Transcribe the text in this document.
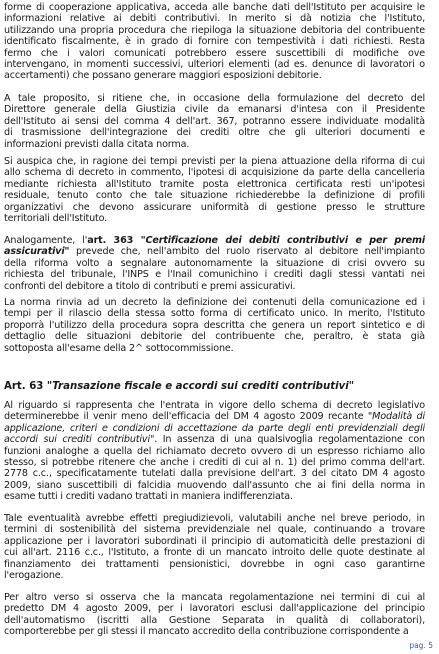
forme di cooperazione applicativa, acceda alle banche dati dell'Istituto per acquisire le
informazioni relative ai debiti contributivi. In merito si dà notizia che l'Istituto,
utilizzando una propria procedura che riepiloga la situazione debitoria del contribuente
identificato fiscalmente, è in grado di fornire con tempestività i dati richiesti. Resta
fermo che i valori comunicati potrebbero essere suscettibili di modifiche ove
intervengano, in momenti successivi, ulteriori elementi (ad es. denunce di lavoratori o
accertamenti) che possano generare maggiori esposizioni debitorie.
A tale proposito, si ritiene che, in occasione della formulazione del decreto del
Direttore generale della Giustizia civile da emanarsi d'intesa con il Presidente
dell'Istituto ai sensi del comma 4 dell'art. 367, potranno essere individuate modalità
di trasmissione dell'integrazione dei crediti oltre che gli ulteriori documenti e
informazioni previsti dalla citata norma.
Si auspica che, in ragione dei tempi previsti per la piena attuazione della riforma di cui
allo schema di decreto in commento, l'ipotesi di acquisizione da parte della cancelleria
mediante richiesta all'Istituto tramite posta elettronica certificata resti un'ipotesi
residuale, tenuto conto che tale situazione richiederebbe la definizione di profili
organizzativi che devono assicurare uniformità di gestione presso le strutture
territoriali dell'Istituto.
Analogamente, l'art. 363 "Certificazione dei debiti contributivi e per premi
assicurativi" prevede che, nell'ambito del ruolo riservato al debitore nell'impianto
della riforma volto a segnalare autonomamente la situazione di crisi ovvero su
richiesta del tribunale, l'INPS e l'Inail comunichino i crediti dagli stessi vantati nei
confronti del debitore a titolo di contributi e premi assicurativi.
La norma rinvia ad un decreto la definizione dei contenuti della comunicazione ed i
tempi per il rilascio della stessa sotto forma di certificato unico. In merito, l'Istituto
proporrà l'utilizzo della procedura sopra descritta che genera un report sintetico e di
dettaglio delle situazioni debitorie del contribuente che, peraltro, è stata già
sottoposta all'esame della 2^ sottocommissione.
Art. 63 "Transazione fiscale e accordi sui crediti contributivi"
Al riguardo si rappresenta che l'entrata in vigore dello schema di decreto legislativo
determinerebbe il venir meno dell'efficacia del DM 4 agosto 2009 recante "Modalità di
applicazione, criteri e condizioni di accettazione da parte degli enti previdenziali degli
accordi sui crediti contributivi". In assenza di una qualsivoglia regolamentazione con
funzioni analoghe a quella del richiamato decreto ovvero di un espresso richiamo allo
stesso, si potrebbe ritenere che anche i crediti di cui al n. 1) del primo comma dell'art.
2778 c.c., specificatamente tutelati dalla previsione dell'art. 3 del citato DM 4 agosto
2009, siano suscettibili di falcidia muovendo dall'assunto che ai fini della norma in
esame tutti i crediti vadano trattati in maniera indifferenziata.
Tale eventualità avrebbe effetti pregiudizievoli, valutabili anche nel breve periodo, in
termini di sostenibilità del sistema previdenziale nel quale, continuando a trovare
applicazione per i lavoratori subordinati il principio di automaticità delle prestazioni di
cui all'art. 2116 c.c., l'Istituto, a fronte di un mancato introito delle quote destinate al
finanziamento dei trattamenti pensionistici, dovrebbe in ogni caso garantirne
l'erogazione.
Per altro verso si osserva che la mancata regolamentazione nei termini di cui al
predetto DM 4 agosto 2009, per i lavoratori esclusi dall'applicazione del principio
dell'automatismo (iscritti alla Gestione Separata in qualità di collaboratori),
comporterebbe per gli stessi il mancato accredito della contribuzione corrispondente a
pag. 5
